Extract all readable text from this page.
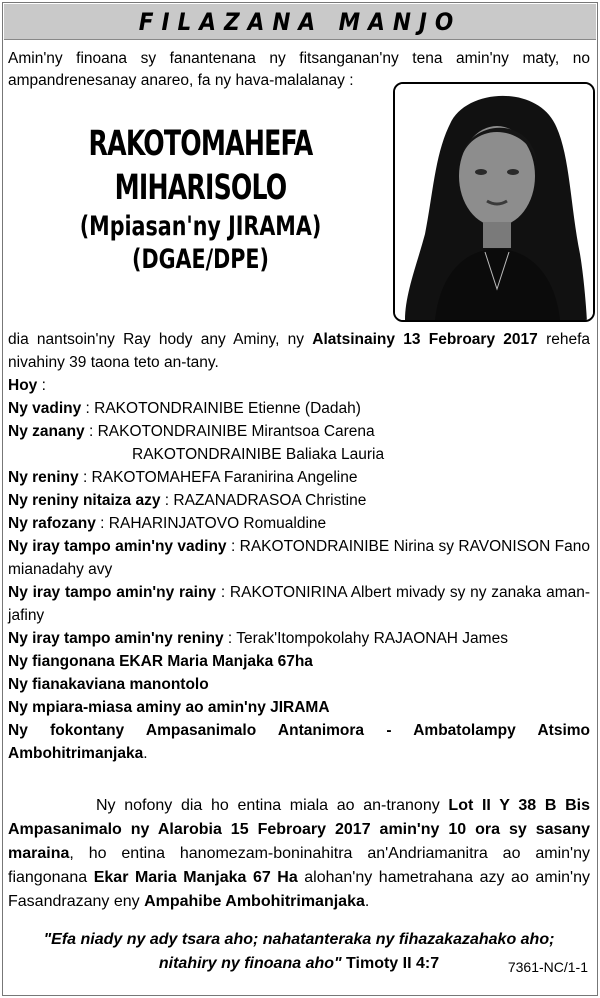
FILAZANA MANJO
Amin'ny finoana sy fanantenana ny fitsanganan'ny tena amin'ny maty, no ampandrenesanay anareo, fa ny hava-malalanay :
RAKOTOMAHEFA
MIHARISOLO
(Mpiasan'ny JIRAMA)
(DGAE/DPE)
dia nantsoin'ny Ray hody any Aminy, ny Alatsinainy 13 Febroary 2017 rehefa nivahiny 39 taona teto an-tany.
Hoy :
Ny vadiny : RAKOTONDRAINIBE Etienne (Dadah)
Ny zanany : RAKOTONDRAINIBE Mirantsoa Carena
RAKOTONDRAINIBE Baliaka Lauria
Ny reniny : RAKOTOMAHEFA Faranirina Angeline
Ny reniny nitaiza azy : RAZANADRASOA Christine
Ny rafozany : RAHARINJATOVO Romualdine
Ny iray tampo amin'ny vadiny : RAKOTONDRAINIBE Nirina sy RAVONISON Fano mianadahy avy
Ny iray tampo amin'ny rainy : RAKOTONIRINA Albert mivady sy ny zanaka aman-jafiny
Ny iray tampo amin'ny reniny : Terak'Itompokolahy RAJAONAH James
Ny fiangonana EKAR Maria Manjaka 67ha
Ny fianakaviana manontolo
Ny mpiara-miasa aminy ao amin'ny JIRAMA
Ny fokontany Ampasanimalo Antanimora - Ambatolampy Atsimo Ambohitrimanjaka.
Ny nofony dia ho entina miala ao an-tranony Lot II Y 38 B Bis Ampasanimalo ny Alarobia 15 Febroary 2017 amin'ny 10 ora sy sasany maraina, ho entina hanomezam-boninahitra an'Andriamanitra ao amin'ny fiangonana Ekar Maria Manjaka 67 Ha alohan'ny hametrahana azy ao amin'ny Fasandrazany eny Ampahibe Ambohitrimanjaka.
"Efa niady ny ady tsara aho; nahatanteraka ny fihazakazahako aho;
nitahiry ny finoana aho" Timoty II 4:7	7361-NC/1-1
